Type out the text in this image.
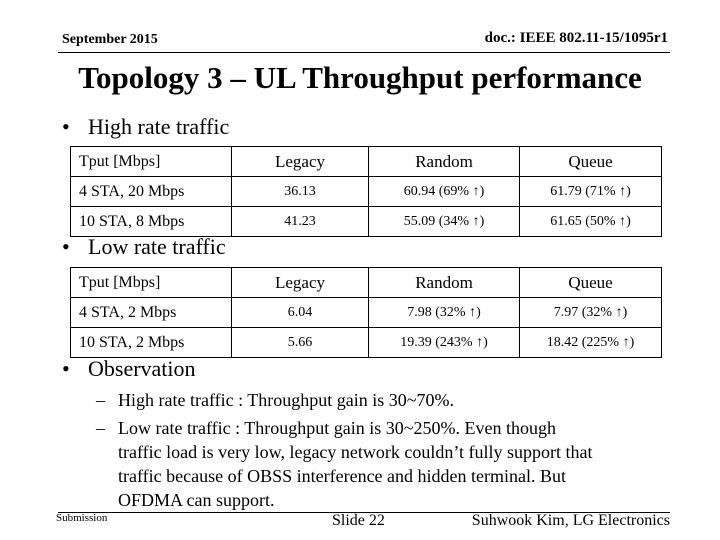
September 2015	doc.: IEEE 802.11-15/1095r1
Topology 3 – UL Throughput performance
• High rate traffic
Tput [Mbps]	Legacy	Random	Queue
4 STA, 20 Mbps	36.13	60.94 (69% ↑)	61.79 (71% ↑)
10 STA, 8 Mbps	41.23	55.09 (34% ↑)	61.65 (50% ↑)
• Low rate traffic
Tput [Mbps]	Legacy	Random	Queue
4 STA, 2 Mbps	6.04	7.98 (32% ↑)	7.97 (32% ↑)
10 STA, 2 Mbps	5.66	19.39 (243% ↑)	18.42 (225% ↑)
• Observation
– High rate traffic : Throughput gain is 30~70%.
– Low rate traffic : Throughput gain is 30~250%. Even though
traffic load is very low, legacy network couldn’t fully support that
traffic because of OBSS interference and hidden terminal. But
OFDMA can support.
Submission	Slide 22	Suhwook Kim, LG Electronics
